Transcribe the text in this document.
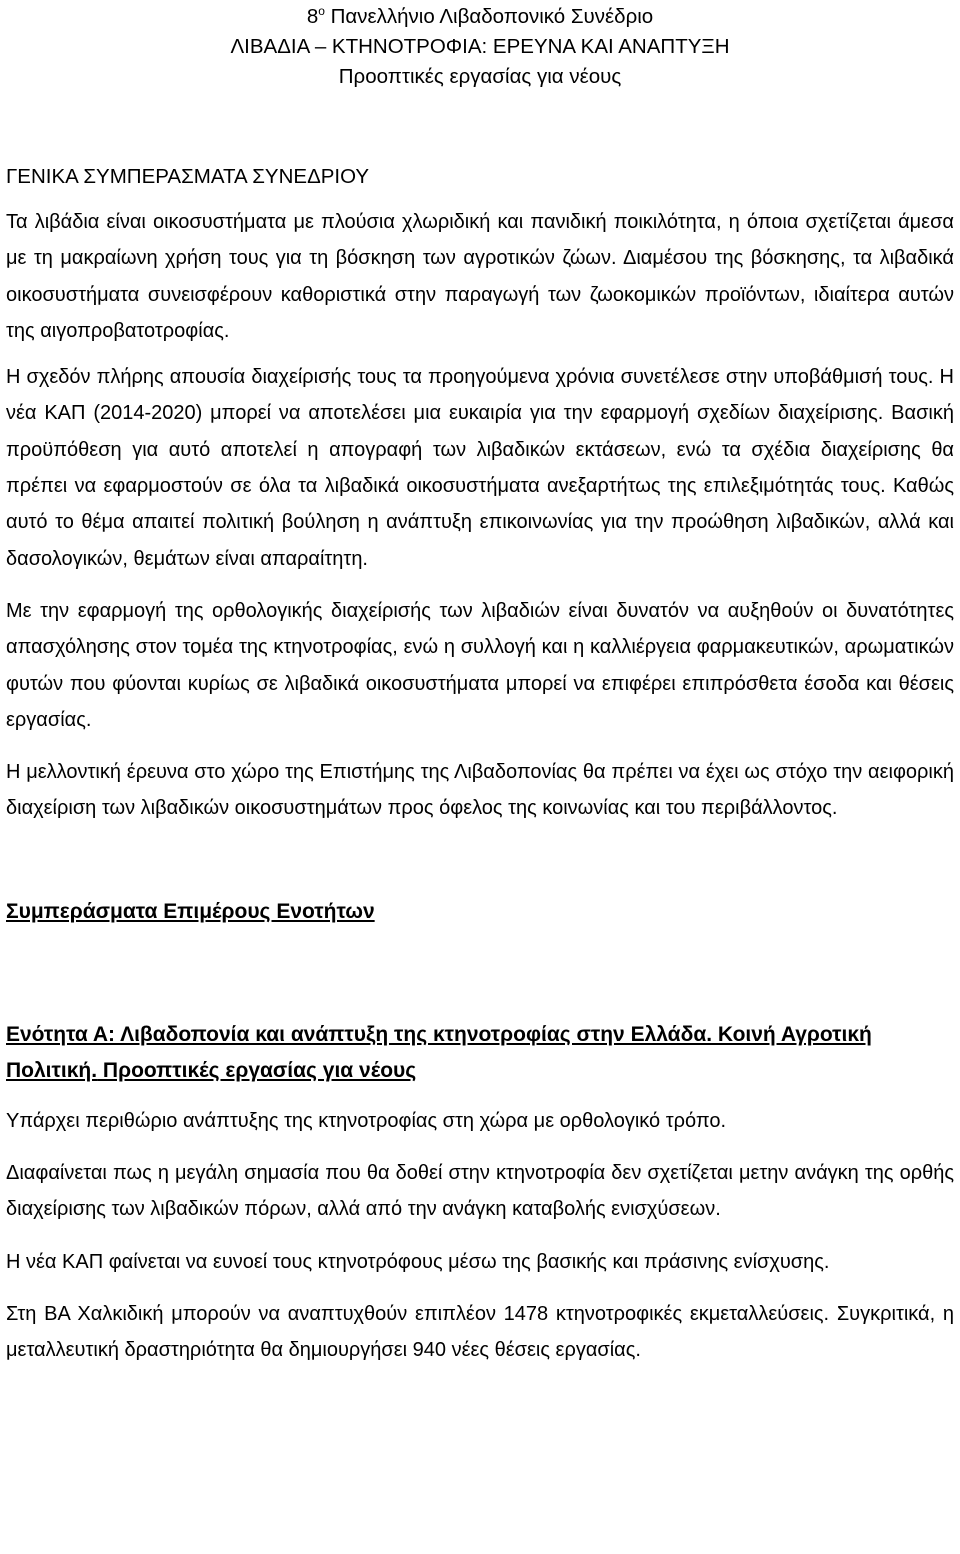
$8^o$ Πανελλήνιο Λιβαδοπονικό Συνέδριο
ΛΙΒΑΔΙΑ – ΚΤΗΝΟΤΡΟΦΙΑ: ΕΡΕΥΝΑ ΚΑΙ ΑΝΑΠΤΥΞΗ
Προοπτικές εργασίας για νέους
ΓΕΝΙΚΑ ΣΥΜΠΕΡΑΣΜΑΤΑ ΣΥΝΕΔΡΙΟΥ

Τα λιβάδια είναι οικοσυστήματα με πλούσια χλωριδική και πανιδική ποικιλότητα, η όποια σχετίζεται άμεσα με τη μακραίωνη χρήση τους για τη βόσκηση των αγροτικών ζώων. Διαμέσου της βόσκησης, τα λιβαδικά οικοσυστήματα συνεισφέρουν καθοριστικά στην παραγωγή των ζωοκομικών προϊόντων, ιδιαίτερα αυτών της αιγοπροβατοτροφίας.

Η σχεδόν πλήρης απουσία διαχείρισής τους τα προηγούμενα χρόνια συνετέλεσε στην υποβάθμισή τους. Η νέα ΚΑΠ (2014-2020) μπορεί να αποτελέσει μια ευκαιρία για την εφαρμογή σχεδίων διαχείρισης. Βασική προϋπόθεση για αυτό αποτελεί η απογραφή των λιβαδικών εκτάσεων, ενώ τα σχέδια διαχείρισης θα πρέπει να εφαρμοστούν σε όλα τα λιβαδικά οικοσυστήματα ανεξαρτήτως της επιλεξιμότητάς τους. Καθώς αυτό το θέμα απαιτεί πολιτική βούληση η ανάπτυξη επικοινωνίας για την προώθηση λιβαδικών, αλλά και δασολογικών, θεμάτων είναι απαραίτητη.

Με την εφαρμογή της ορθολογικής διαχείρισής των λιβαδιών είναι δυνατόν να αυξηθούν οι δυνατότητες απασχόλησης στον τομέα της κτηνοτροφίας, ενώ η συλλογή και η καλλιέργεια φαρμακευτικών, αρωματικών φυτών που φύονται κυρίως σε λιβαδικά οικοσυστήματα μπορεί να επιφέρει επιπρόσθετα έσοδα και θέσεις εργασίας.

Η μελλοντική έρευνα στο χώρο της Επιστήμης της Λιβαδοπονίας θα πρέπει να έχει ως στόχο την αειφορική διαχείριση των λιβαδικών οικοσυστημάτων προς όφελος της κοινωνίας και του περιβάλλοντος.

Συμπεράσματα Επιμέρους Ενοτήτων
Ενότητα Α: Λιβαδοπονία και ανάπτυξη της κτηνοτροφίας στην Ελλάδα. Κοινή Αγροτική Πολιτική. Προοπτικές εργασίας για νέους

Υπάρχει περιθώριο ανάπτυξης της κτηνοτροφίας στη χώρα με ορθολογικό τρόπο.

Διαφαίνεται πως η μεγάλη σημασία που θα δοθεί στην κτηνοτροφία δεν σχετίζεται μετην ανάγκη της ορθής διαχείρισης των λιβαδικών πόρων, αλλά από την ανάγκη καταβολής ενισχύσεων.

Η νέα ΚΑΠ φαίνεται να ευνοεί τους κτηνοτρόφους μέσω της βασικής και πράσινης ενίσχυσης.

Στη ΒΑ Χαλκιδική μπορούν να αναπτυχθούν επιπλέον 1478 κτηνοτροφικές εκμεταλλεύσεις. Συγκριτικά, η μεταλλευτική δραστηριότητα θα δημιουργήσει 940 νέες θέσεις εργασίας.
